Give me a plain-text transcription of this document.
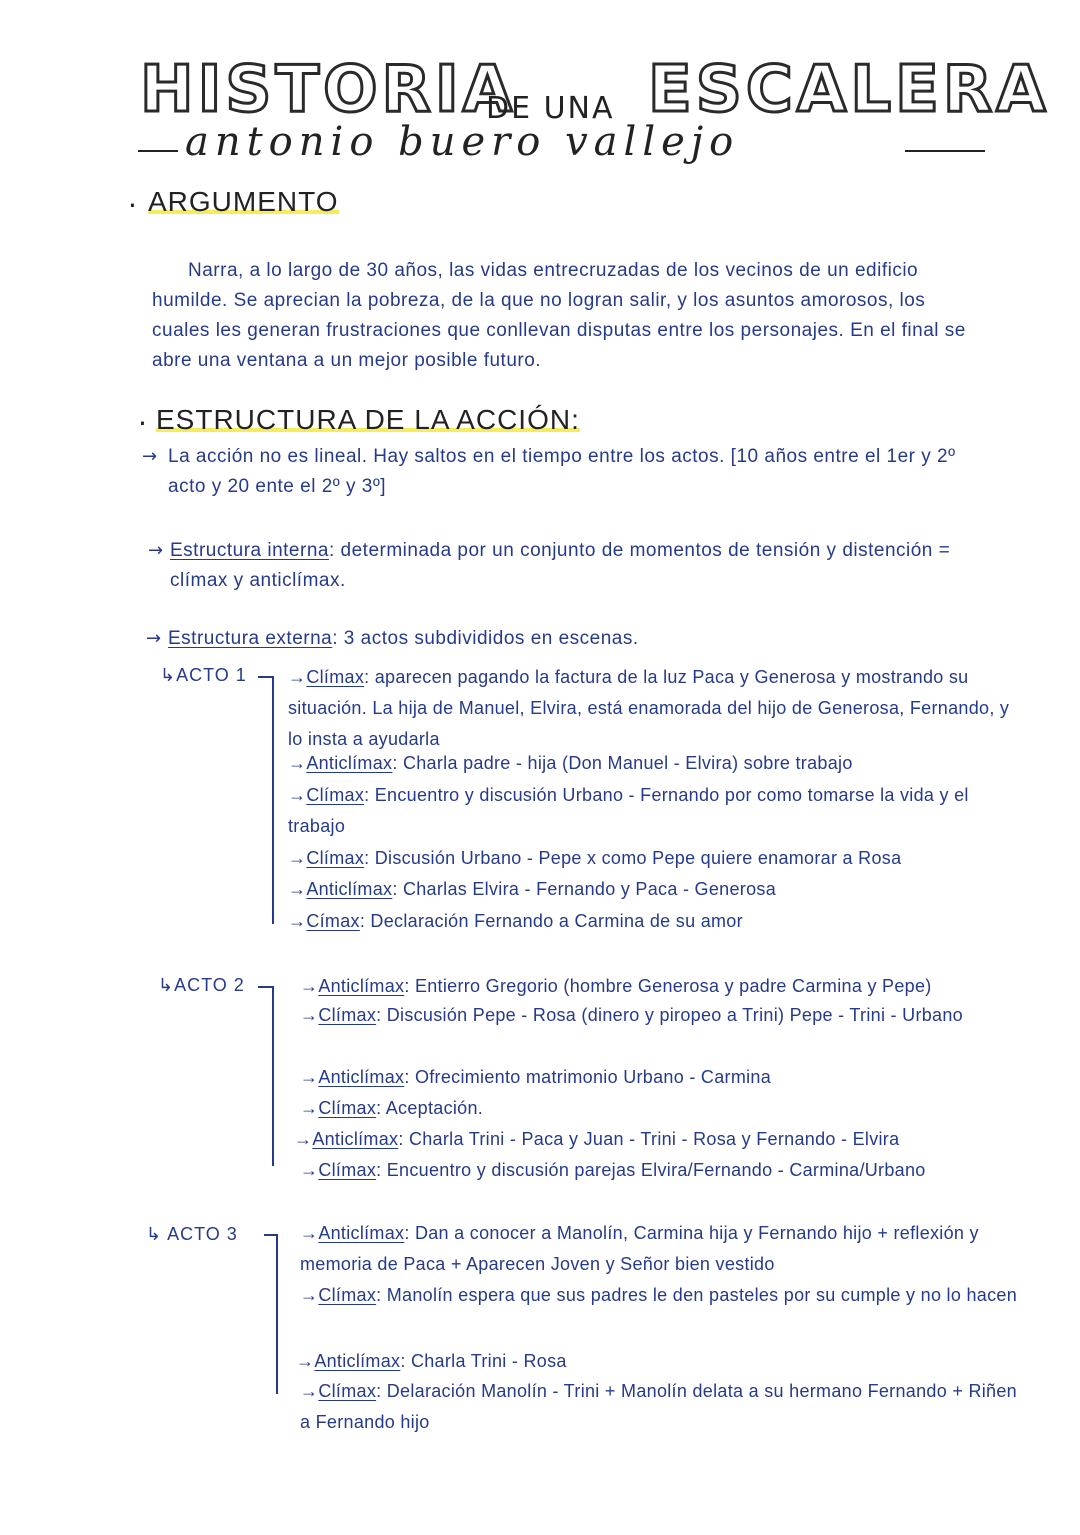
HISTORIA
DE UNA ESCALERA
antonio buero vallejo
· ARGUMENTO
Narra, a lo largo de 30 años, las vidas entrecruzadas de los vecinos de un edificio humilde. Se aprecian la pobreza, de la que no logran salir, y los asuntos amorosos, los cuales les generan frustraciones que conllevan disputas entre los personajes. En el final se abre una ventana a un mejor posible futuro.
· ESTRUCTURA DE LA ACCIÓN:
→ La acción no es lineal. Hay saltos en el tiempo entre los actos. [10 años entre el 1er y 2º acto y 20 ente el 2º y 3º]
→ Estructura interna: determinada por un conjunto de momentos de tensión y distención = clímax y anticlímax.
→ Estructura externa: 3 actos subdivididos en escenas.
↳ACTO 1 →Clímax: aparecen pagando la factura de la luz Paca y Generosa y mostrando su situación. La hija de Manuel, Elvira, está enamorada del hijo de Generosa, Fernando, y lo insta a ayudarla
→Anticlímax: Charla padre - hija (Don Manuel - Elvira) sobre trabajo
→Clímax: Encuentro y discusión Urbano - Fernando por como tomarse la vida y el trabajo
→Clímax: Discusión Urbano - Pepe x como Pepe quiere enamorar a Rosa
→Anticlímax: Charlas Elvira - Fernando y Paca - Generosa
→Címax: Declaración Fernando a Carmina de su amor
↳ACTO 2	→Anticlímax: Entierro Gregorio (hombre Generosa y padre Carmina y Pepe)
→Clímax: Discusión Pepe - Rosa (dinero y piropeo a Trini) Pepe - Trini - Urbano
→Anticlímax: Ofrecimiento matrimonio Urbano - Carmina
→Clímax: Aceptación.
→Anticlímax: Charla Trini - Paca y Juan - Trini - Rosa y Fernando - Elvira
→Clímax: Encuentro y discusión parejas Elvira/Fernando - Carmina/Urbano
↳ ACTO 3	→Anticlímax: Dan a conocer a Manolín, Carmina hija y Fernando hijo + reflexión y memoria de Paca + Aparecen Joven y Señor bien vestido
→Clímax: Manolín espera que sus padres le den pasteles por su cumple y no lo hacen
→Anticlímax: Charla Trini - Rosa
→Clímax: Delaración Manolín - Trini + Manolín delata a su hermano Fernando + Riñen a Fernando hijo
